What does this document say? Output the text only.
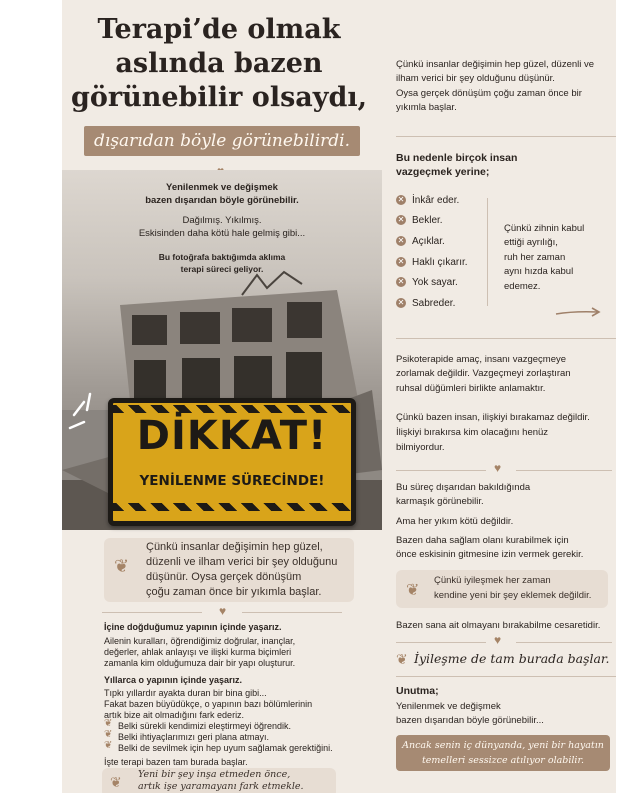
Terapi’de olmak
aslında bazen
görünebilir olsaydı,
dışarıdan böyle görünebilirdi.
Yenilenmek ve değişmek
bazen dışarıdan böyle görünebilir.
Dağılmış. Yıkılmış.
Eskisinden daha kötü hale gelmiş gibi...
Bu fotoğrafa baktığımda aklıma
terapi süreci geliyor.
DİKKAT!
YENİLENME SÜRECİNDE!
❦
Çünkü insanlar değişimin hep güzel,
düzenli ve ilham verici bir şey olduğunu
düşünür. Oysa gerçek dönüşüm
çoğu zaman önce bir yıkımla başlar.
♥
İçine doğduğumuz yapının içinde yaşarız.
Ailenin kuralları, öğrendiğimiz doğrular, inançlar,
değerler, ahlak anlayışı ve ilişki kurma biçimleri
zamanla kim olduğumuza dair bir yapı oluşturur.
Yıllarca o yapının içinde yaşarız.
Tıpkı yıllardır ayakta duran bir bina gibi...
Fakat bazen büyüdükçe, o yapının bazı bölümlerinin
artık bize ait olmadığını fark ederiz.
❦ Belki sürekli kendimizi eleştirmeyi öğrendik.
❦ Belki ihtiyaçlarımızı geri plana atmayı.
❦ Belki de sevilmek için hep uyum sağlamak gerektiğini.
İşte terapi bazen tam burada başlar.
❦ Yeni bir şey inşa etmeden önce,
artık işe yaramayanı fark etmekle.
Çünkü insanlar değişimin hep güzel, düzenli ve
ilham verici bir şey olduğunu düşünür.
Oysa gerçek dönüşüm çoğu zaman önce bir
yıkımla başlar.
Bu nedenle birçok insan
vazgeçmek yerine;
✕ İnkâr eder.
✕ Bekler.
✕ Açıklar.
✕ Haklı çıkarır.
✕ Yok sayar.
✕ Sabreder.
Çünkü zihnin kabul
ettiği ayrılığı,
ruh her zaman
aynı hızda kabul
edemez.
Psikoterapide amaç, insanı vazgeçmeye
zorlamak değildir. Vazgeçmeyi zorlaştıran
ruhsal düğümleri birlikte anlamaktır.
Çünkü bazen insan, ilişkiyi bırakamaz değildir.
İlişkiyi bırakırsa kim olacağını henüz
bilmiyordur.
♥
Bu süreç dışarıdan bakıldığında
karmaşık görünebilir.
Ama her yıkım kötü değildir.
Bazen daha sağlam olanı kurabilmek için
önce eskisinin gitmesine izin vermek gerekir.
❦
Çünkü iyileşmek her zaman
kendine yeni bir şey eklemek değildir.
Bazen sana ait olmayanı bırakabilme cesaretidir.
♥
❦ İyileşme de tam burada başlar.
Unutma;
Yenilenmek ve değişmek
bazen dışarıdan böyle görünebilir...
Ancak senin iç dünyanda, yeni bir hayatın
temelleri sessizce atılıyor olabilir.
